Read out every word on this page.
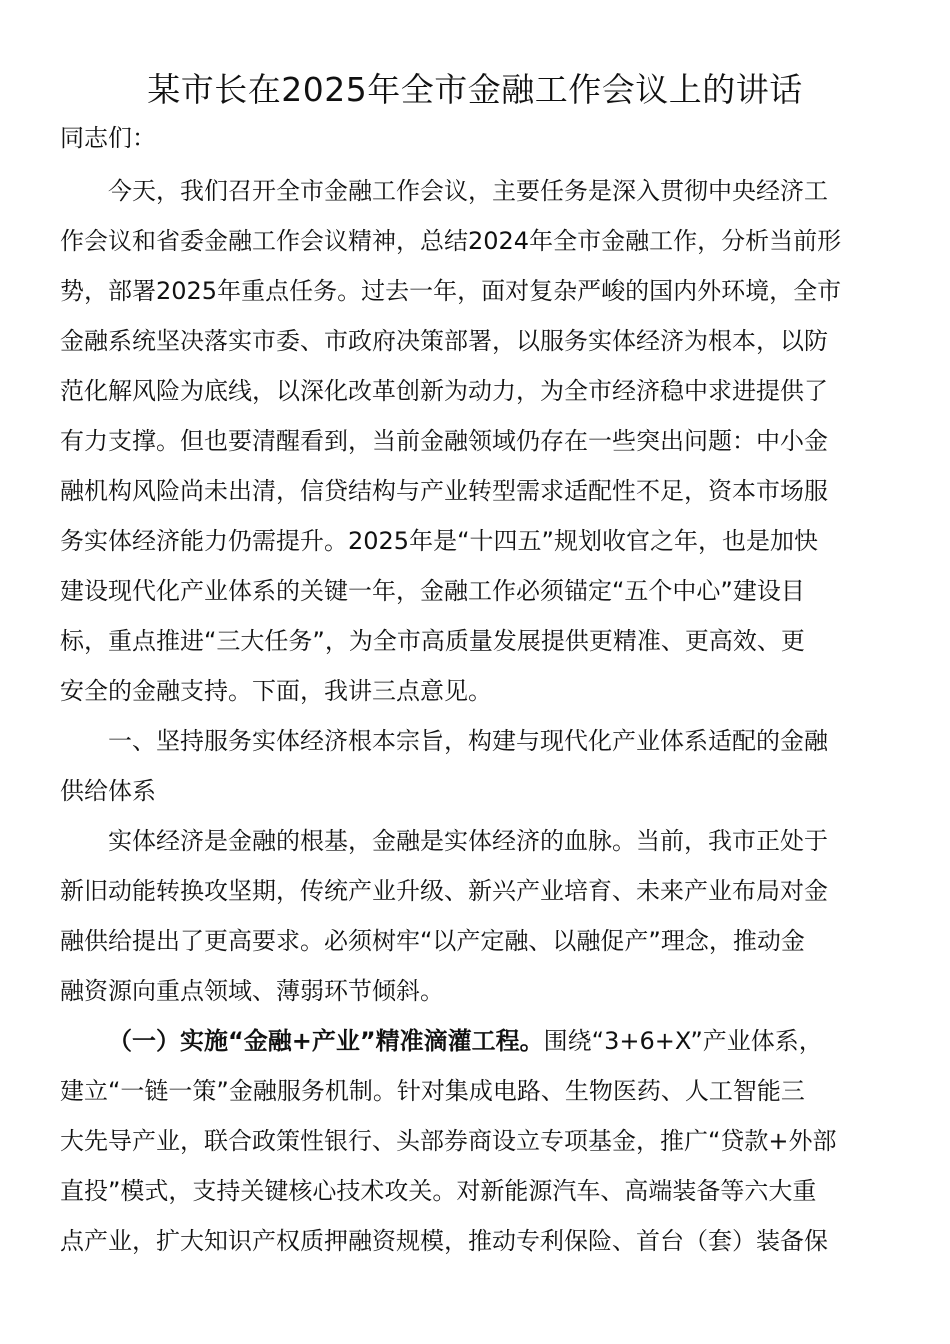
某市长在2025年全市金融工作会议上的讲话
同志们：
今天，我们召开全市金融工作会议，主要任务是深入贯彻中央经济工
作会议和省委金融工作会议精神，总结2024年全市金融工作，分析当前形
势，部署2025年重点任务。过去一年，面对复杂严峻的国内外环境，全市
金融系统坚决落实市委、市政府决策部署，以服务实体经济为根本，以防
范化解风险为底线，以深化改革创新为动力，为全市经济稳中求进提供了
有力支撑。但也要清醒看到，当前金融领域仍存在一些突出问题：中小金
融机构风险尚未出清，信贷结构与产业转型需求适配性不足，资本市场服
务实体经济能力仍需提升。2025年是“十四五”规划收官之年，也是加快
建设现代化产业体系的关键一年，金融工作必须锚定“五个中心”建设目
标，重点推进“三大任务”，为全市高质量发展提供更精准、更高效、更
安全的金融支持。下面，我讲三点意见。
一、坚持服务实体经济根本宗旨，构建与现代化产业体系适配的金融
供给体系
实体经济是金融的根基，金融是实体经济的血脉。当前，我市正处于
新旧动能转换攻坚期，传统产业升级、新兴产业培育、未来产业布局对金
融供给提出了更高要求。必须树牢“以产定融、以融促产”理念，推动金
融资源向重点领域、薄弱环节倾斜。
（一）实施“金融+产业”精准滴灌工程。围绕“3+6+X”产业体系，
建立“一链一策”金融服务机制。针对集成电路、生物医药、人工智能三
大先导产业，联合政策性银行、头部券商设立专项基金，推广“贷款+外部
直投”模式，支持关键核心技术攻关。对新能源汽车、高端装备等六大重
点产业，扩大知识产权质押融资规模，推动专利保险、首台（套）装备保
